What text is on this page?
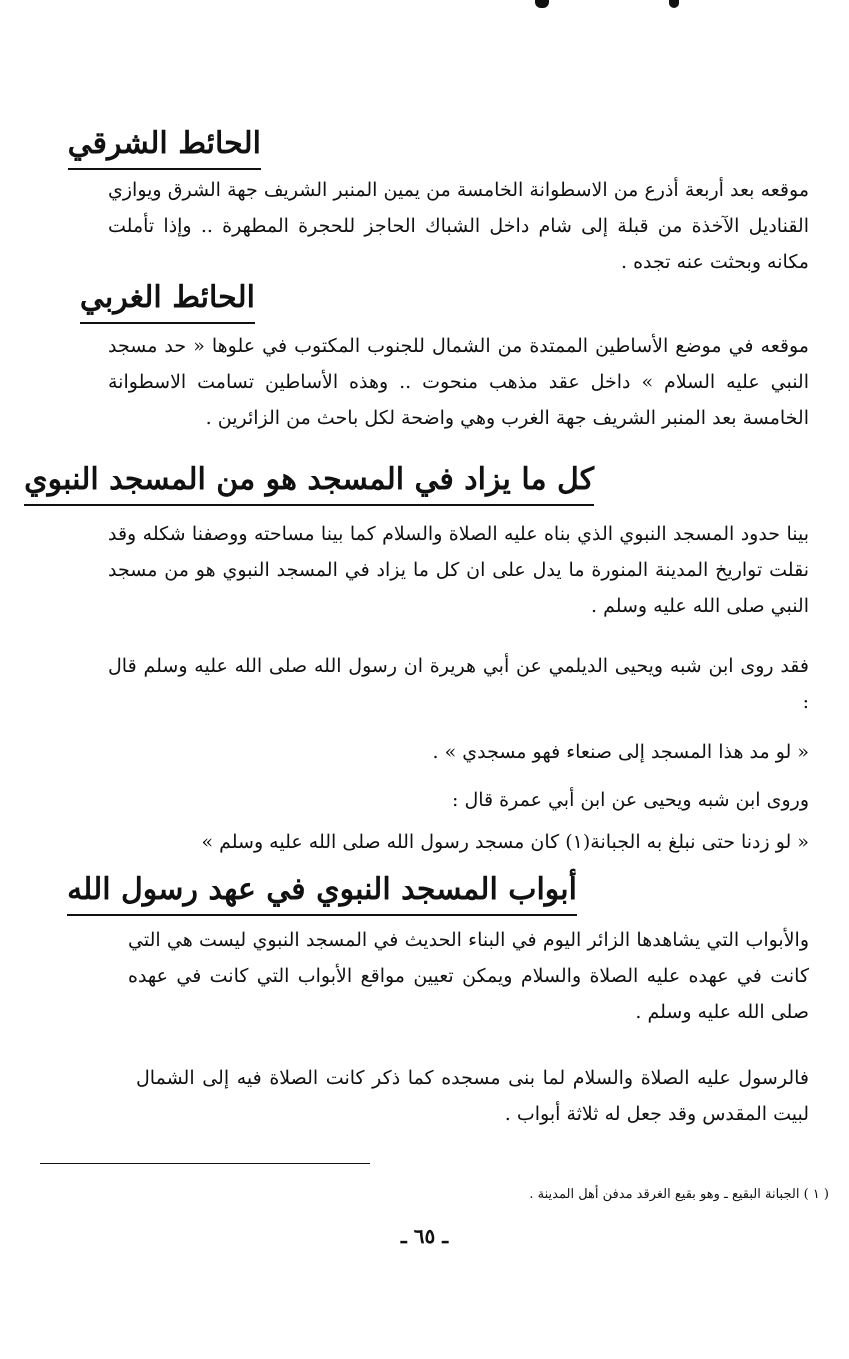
الحائط الشرقي
موقعه بعد أربعة أذرع من الاسطوانة الخامسة من يمين المنبر الشريف جهة الشرق ويوازي القناديل الآخذة من قبلة إلى شام داخل الشباك الحاجز للحجرة المطهرة .. وإذا تأملت مكانه وبحثت عنه تجده .
الحائط الغربي
موقعه في موضع الأساطين الممتدة من الشمال للجنوب المكتوب في علوها « حد مسجد النبي عليه السلام » داخل عقد مذهب منحوت .. وهذه الأساطين تسامت الاسطوانة الخامسة بعد المنبر الشريف جهة الغرب وهي واضحة لكل باحث من الزائرين .
كل ما يزاد في المسجد هو من المسجد النبوي
بينا حدود المسجد النبوي الذي بناه عليه الصلاة والسلام كما بينا مساحته ووصفنا شكله وقد نقلت تواريخ المدينة المنورة ما يدل على ان كل ما يزاد في المسجد النبوي هو من مسجد النبي صلى الله عليه وسلم .
فقد روى ابن شبه ويحيى الديلمي عن أبي هريرة ان رسول الله صلى الله عليه وسلم قال :
« لو مد هذا المسجد إلى صنعاء فهو مسجدي » .
وروى ابن شبه ويحيى عن ابن أبي عمرة قال :
« لو زدنا حتى نبلغ به الجبانة(١) كان مسجد رسول الله صلى الله عليه وسلم »
أبواب المسجد النبوي في عهد رسول الله
والأبواب التي يشاهدها الزائر اليوم في البناء الحديث في المسجد النبوي ليست هي التي كانت في عهده عليه الصلاة والسلام ويمكن تعيين مواقع الأبواب التي كانت في عهده صلى الله عليه وسلم .
فالرسول عليه الصلاة والسلام لما بنى مسجده كما ذكر كانت الصلاة فيه إلى الشمال لبيت المقدس وقد جعل له ثلاثة أبواب .
( ١ ) الجبانة البقيع ـ وهو بقيع الغرقد مدفن أهل المدينة .
ـ ٦٥ ـ
